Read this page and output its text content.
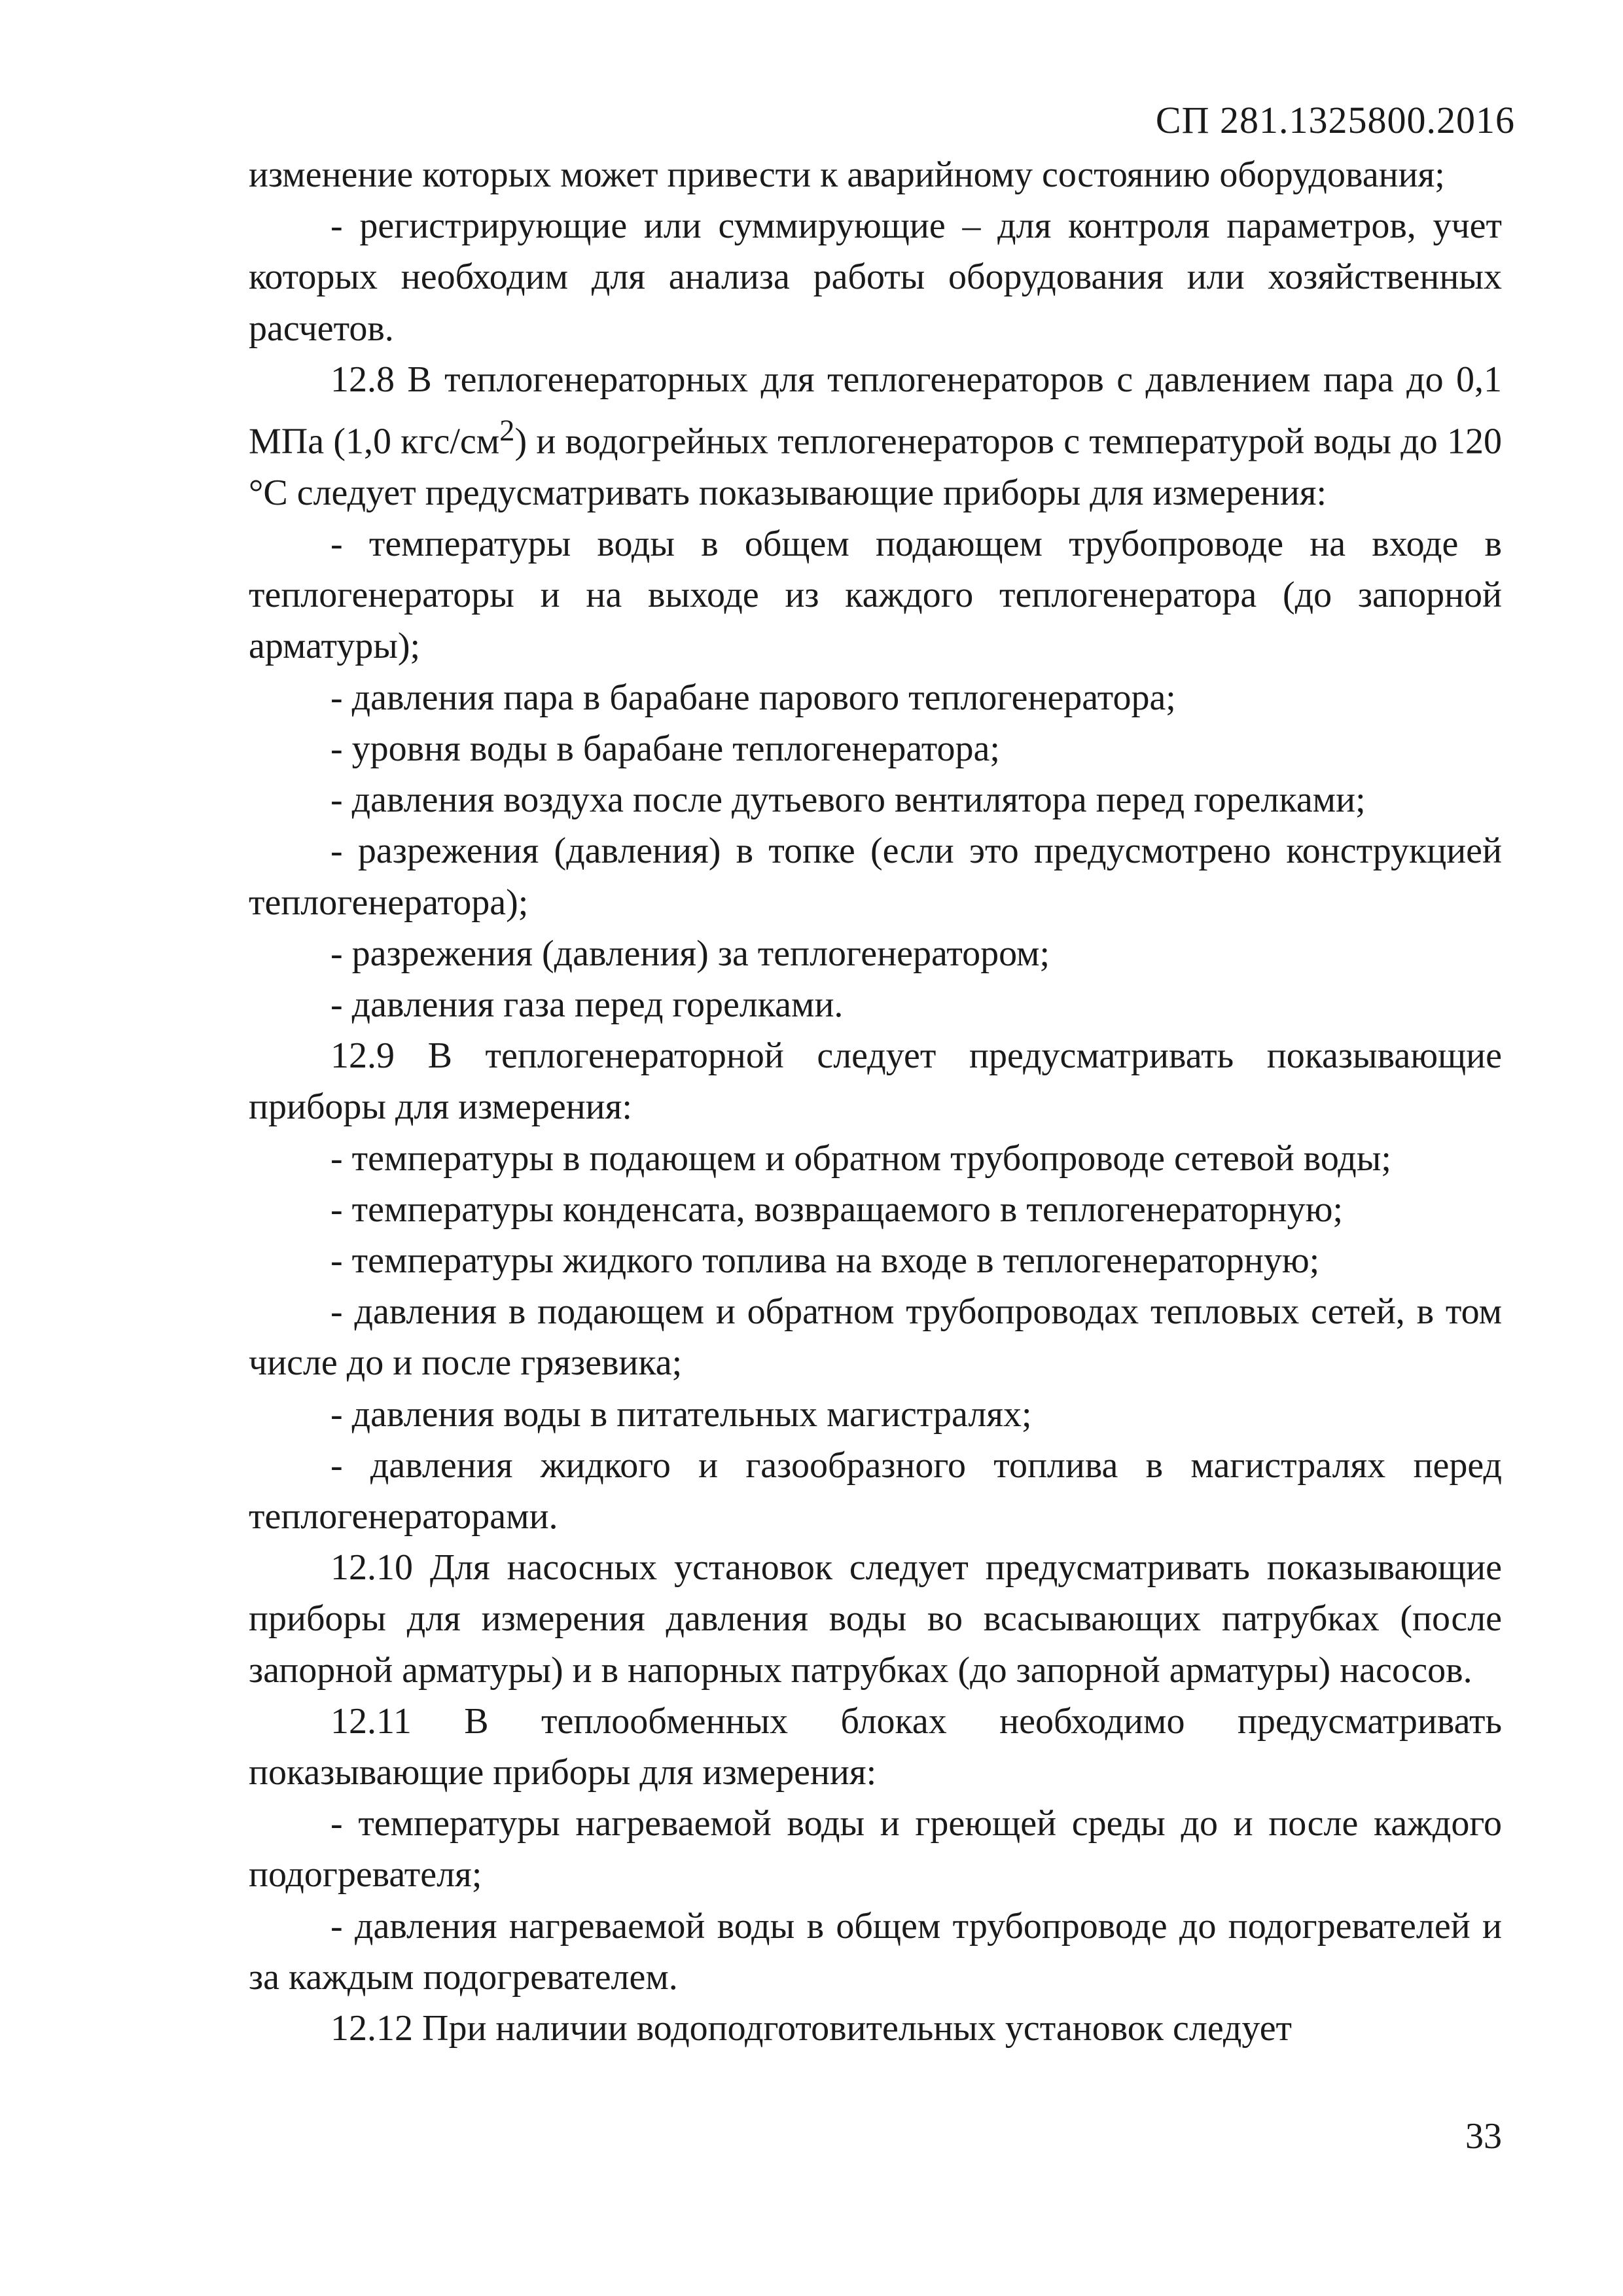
СП 281.1325800.2016

изменение которых может привести к аварийному состоянию оборудования;

- регистрирующие или суммирующие – для контроля параметров, учет которых необходим для анализа работы оборудования или хозяйственных расчетов.

12.8 В теплогенераторных для теплогенераторов с давлением пара до 0,1 МПа (1,0 кгс/$см^2$) и водогрейных теплогенераторов с температурой воды до 120 °С следует предусматривать показывающие приборы для измерения:

- температуры воды в общем подающем трубопроводе на входе в теплогенераторы и на выходе из каждого теплогенератора (до запорной арматуры);

- давления пара в барабане парового теплогенератора;

- уровня воды в барабане теплогенератора;

- давления воздуха после дутьевого вентилятора перед горелками;

- разрежения (давления) в топке (если это предусмотрено конструкцией теплогенератора);

- разрежения (давления) за теплогенератором;

- давления газа перед горелками.

12.9 В теплогенераторной следует предусматривать показывающие приборы для измерения:

- температуры в подающем и обратном трубопроводе сетевой воды;

- температуры конденсата, возвращаемого в теплогенераторную;

- температуры жидкого топлива на входе в теплогенераторную;

- давления в подающем и обратном трубопроводах тепловых сетей, в том числе до и после грязевика;

- давления воды в питательных магистралях;

- давления жидкого и газообразного топлива в магистралях перед теплогенераторами.

12.10 Для насосных установок следует предусматривать показывающие приборы для измерения давления воды во всасывающих патрубках (после запорной арматуры) и в напорных патрубках (до запорной арматуры) насосов.

12.11 В теплообменных блоках необходимо предусматривать показывающие приборы для измерения:

- температуры нагреваемой воды и греющей среды до и после каждого подогревателя;

- давления нагреваемой воды в общем трубопроводе до подогревателей и за каждым подогревателем.

12.12 При наличии водоподготовительных установок следует

33
